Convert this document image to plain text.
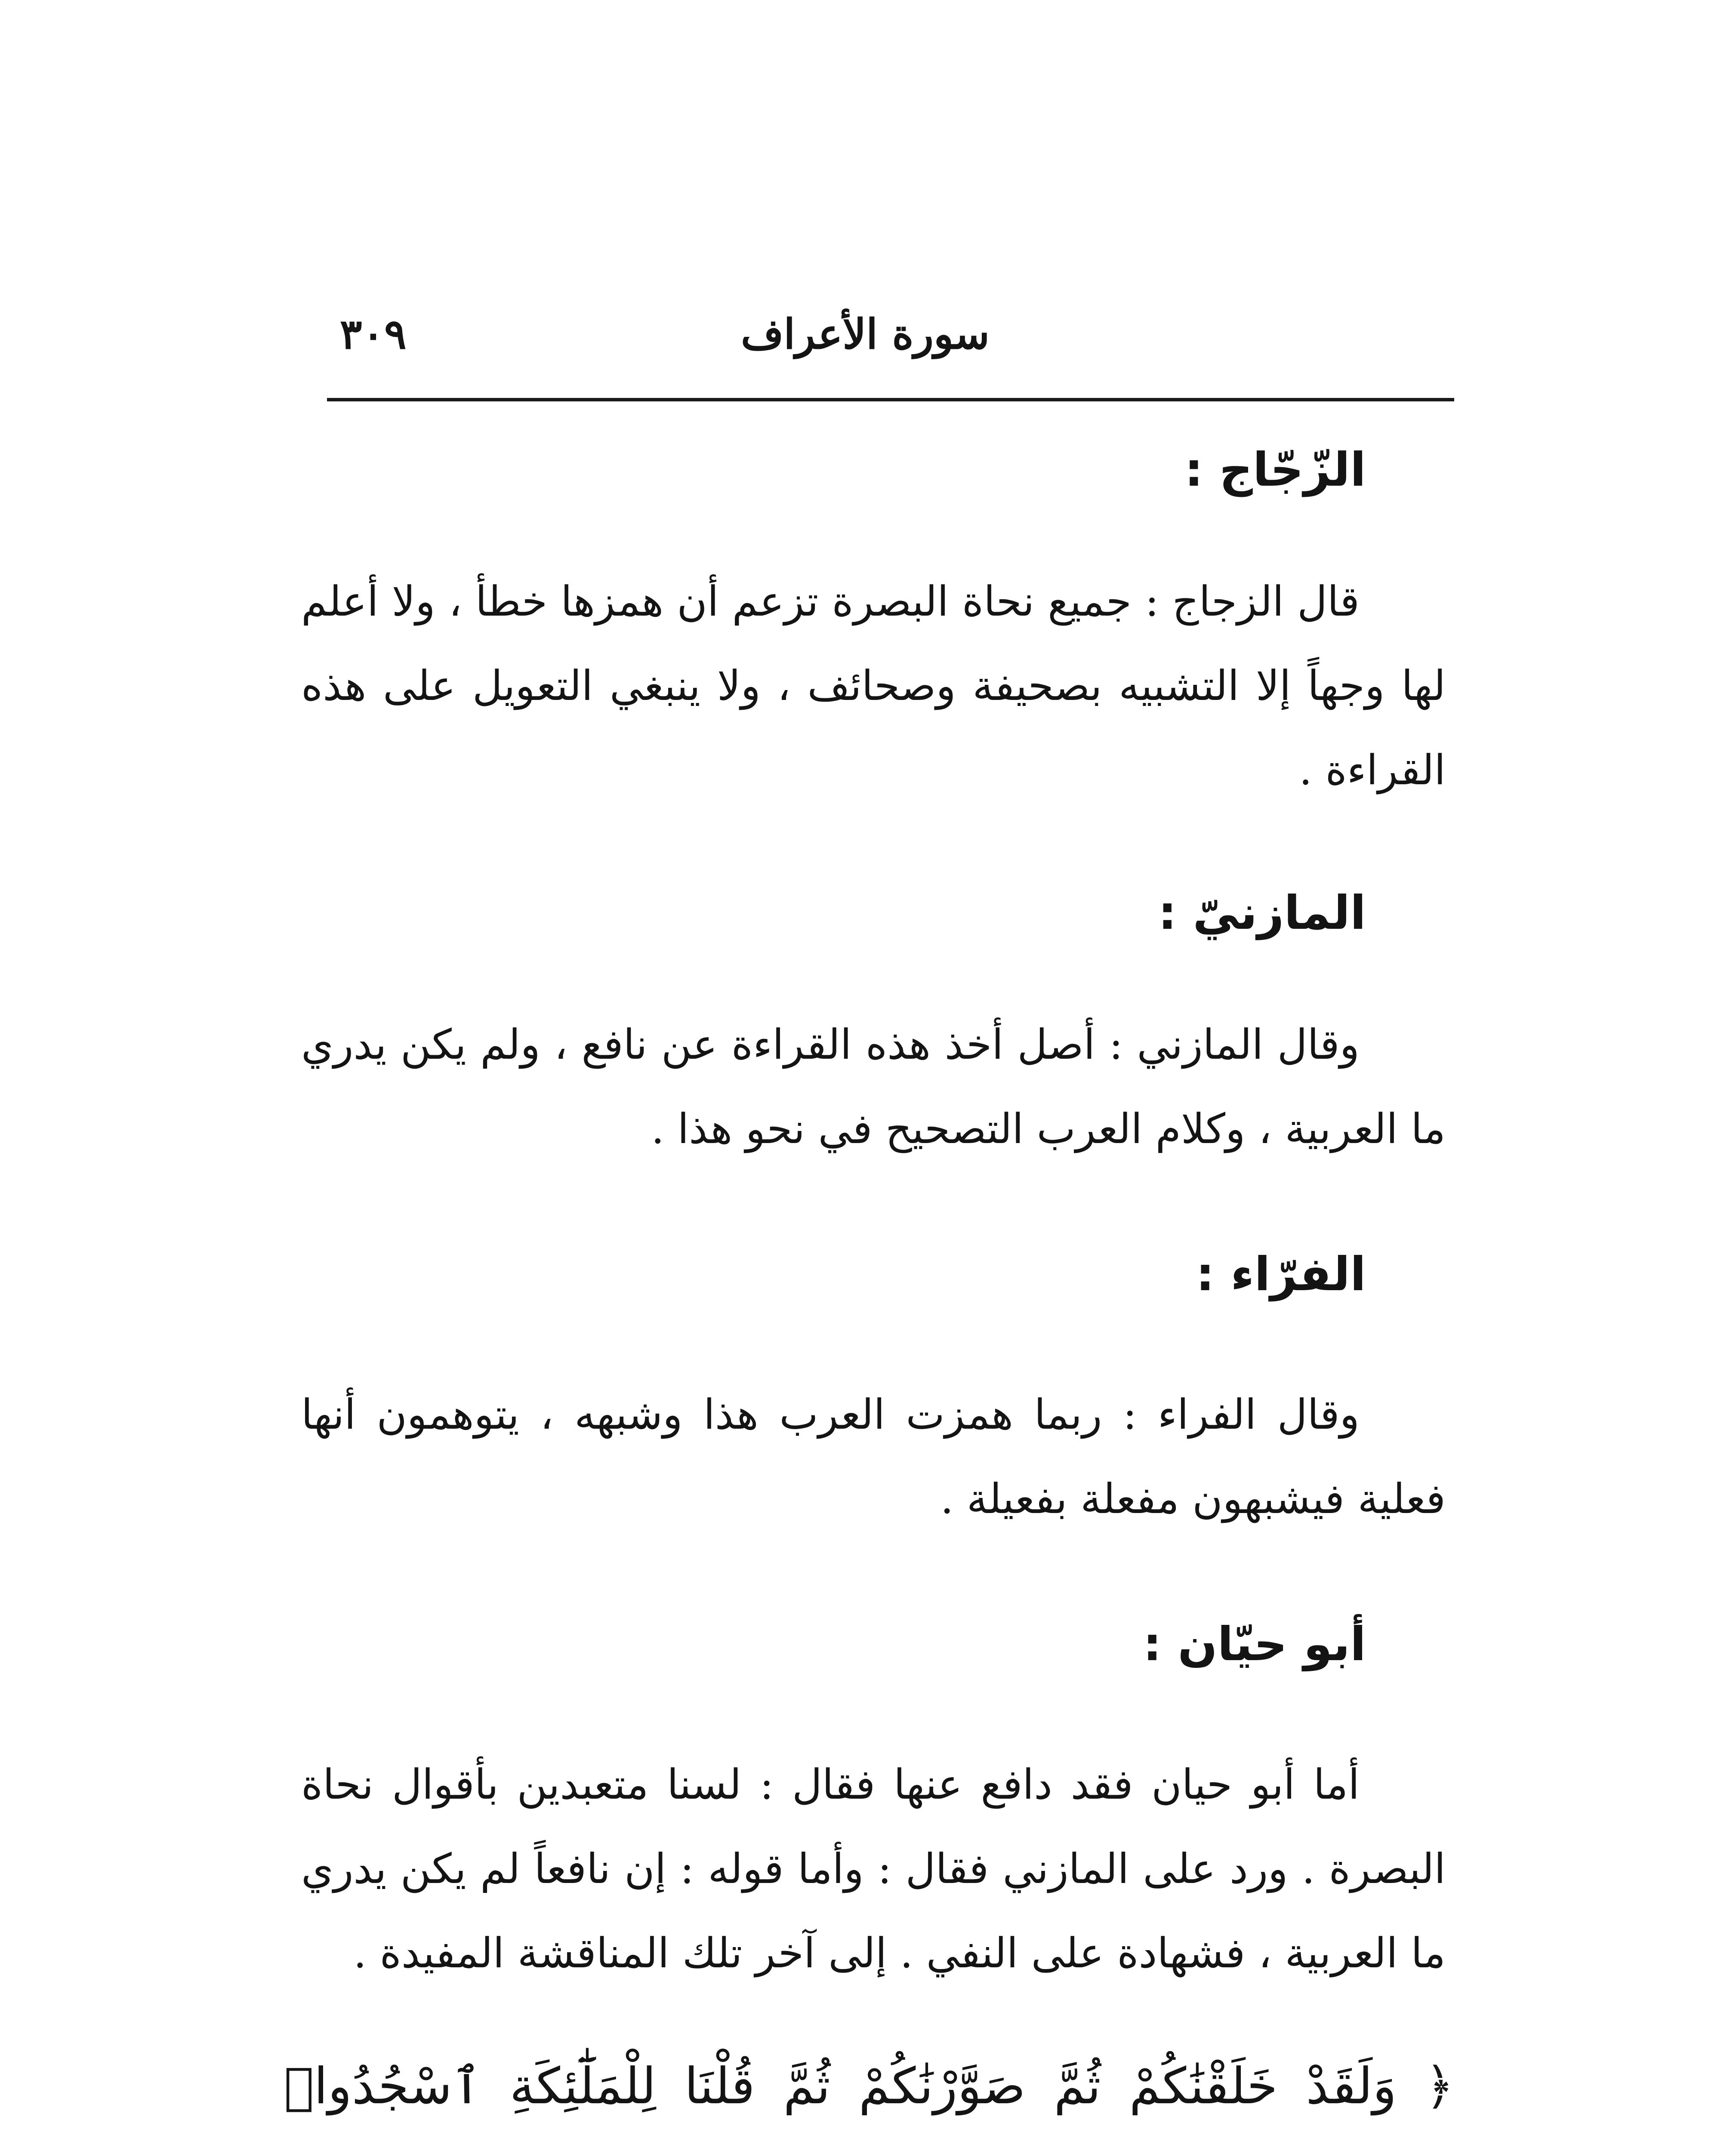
٣٠٩	سورة الأعراف
الزّجّاج :

قال الزجاج : جميع نحاة البصرة تزعم أن همزها خطأ ، ولا أعلم لها وجهاً إلا التشبيه بصحيفة وصحائف ، ولا ينبغي التعويل على هذه القراءة .

المازنيّ :

وقال المازني : أصل أخذ هذه القراءة عن نافع ، ولم يكن يدري ما العربية ، وكلام العرب التصحيح في نحو هذا .

الفرّاء :

وقال الفراء : ربما همزت العرب هذا وشبهه ، يتوهمون أنها فعلية فيشبهون مفعلة بفعيلة .

أبو حيّان :

أما أبو حيان فقد دافع عنها فقال : لسنا متعبدين بأقوال نحاة البصرة . ورد على المازني فقال : وأما قوله : إن نافعاً لم يكن يدري ما العربية ، فشهادة على النفي . إلى آخر تلك المناقشة المفيدة .

﴿ وَلَقَدْ خَلَقْنَٰكُمْ ثُمَّ صَوَّرْنَٰكُمْ ثُمَّ قُلْنَا لِلْمَلَٰٓئِكَةِ ٱسْجُدُوا۟
